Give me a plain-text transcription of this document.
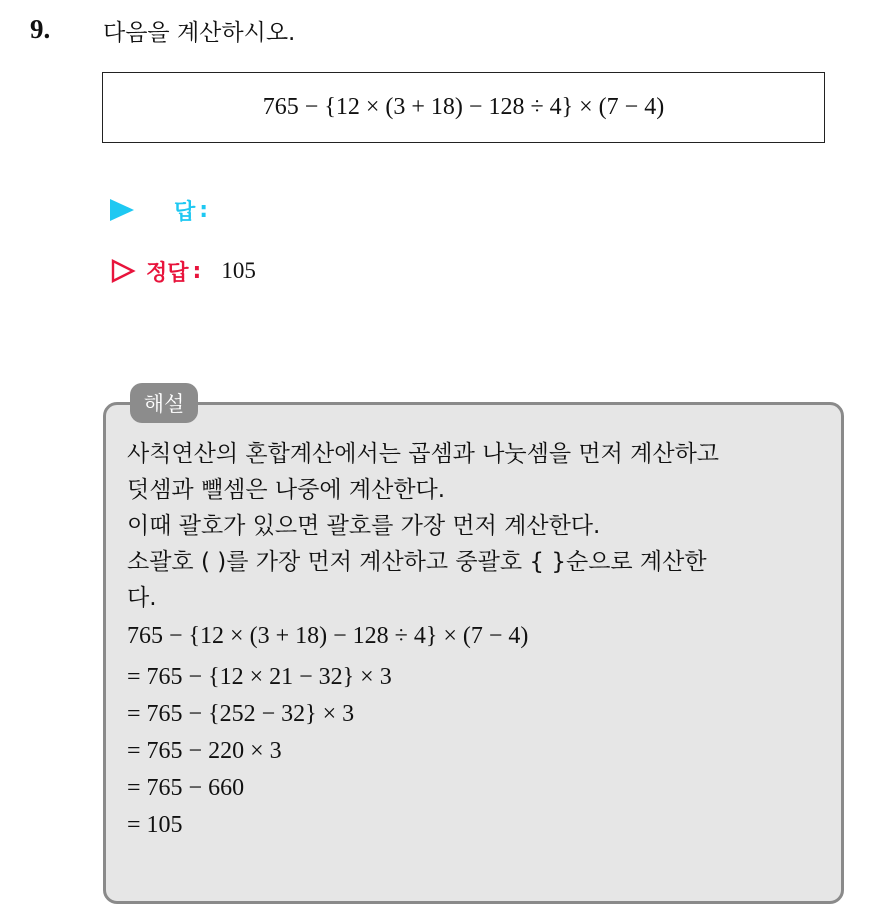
9. 다음을 계산하시오.
765 − {12 × (3 + 18) − 128 ÷ 4} × (7 − 4)
답 :
정답 : 105
해설
사칙연산의 혼합계산에서는 곱셈과 나눗셈을 먼저 계산하고
덧셈과 뺄셈은 나중에 계산한다.
이때 괄호가 있으면 괄호를 가장 먼저 계산한다.
소괄호 ( )를 가장 먼저 계산하고 중괄호 { }순으로 계산한
다.
765 − {12 × (3 + 18) − 128 ÷ 4} × (7 − 4)
= 765 − {12 × 21 − 32} × 3
= 765 − {252 − 32} × 3
= 765 − 220 × 3
= 765 − 660
= 105
